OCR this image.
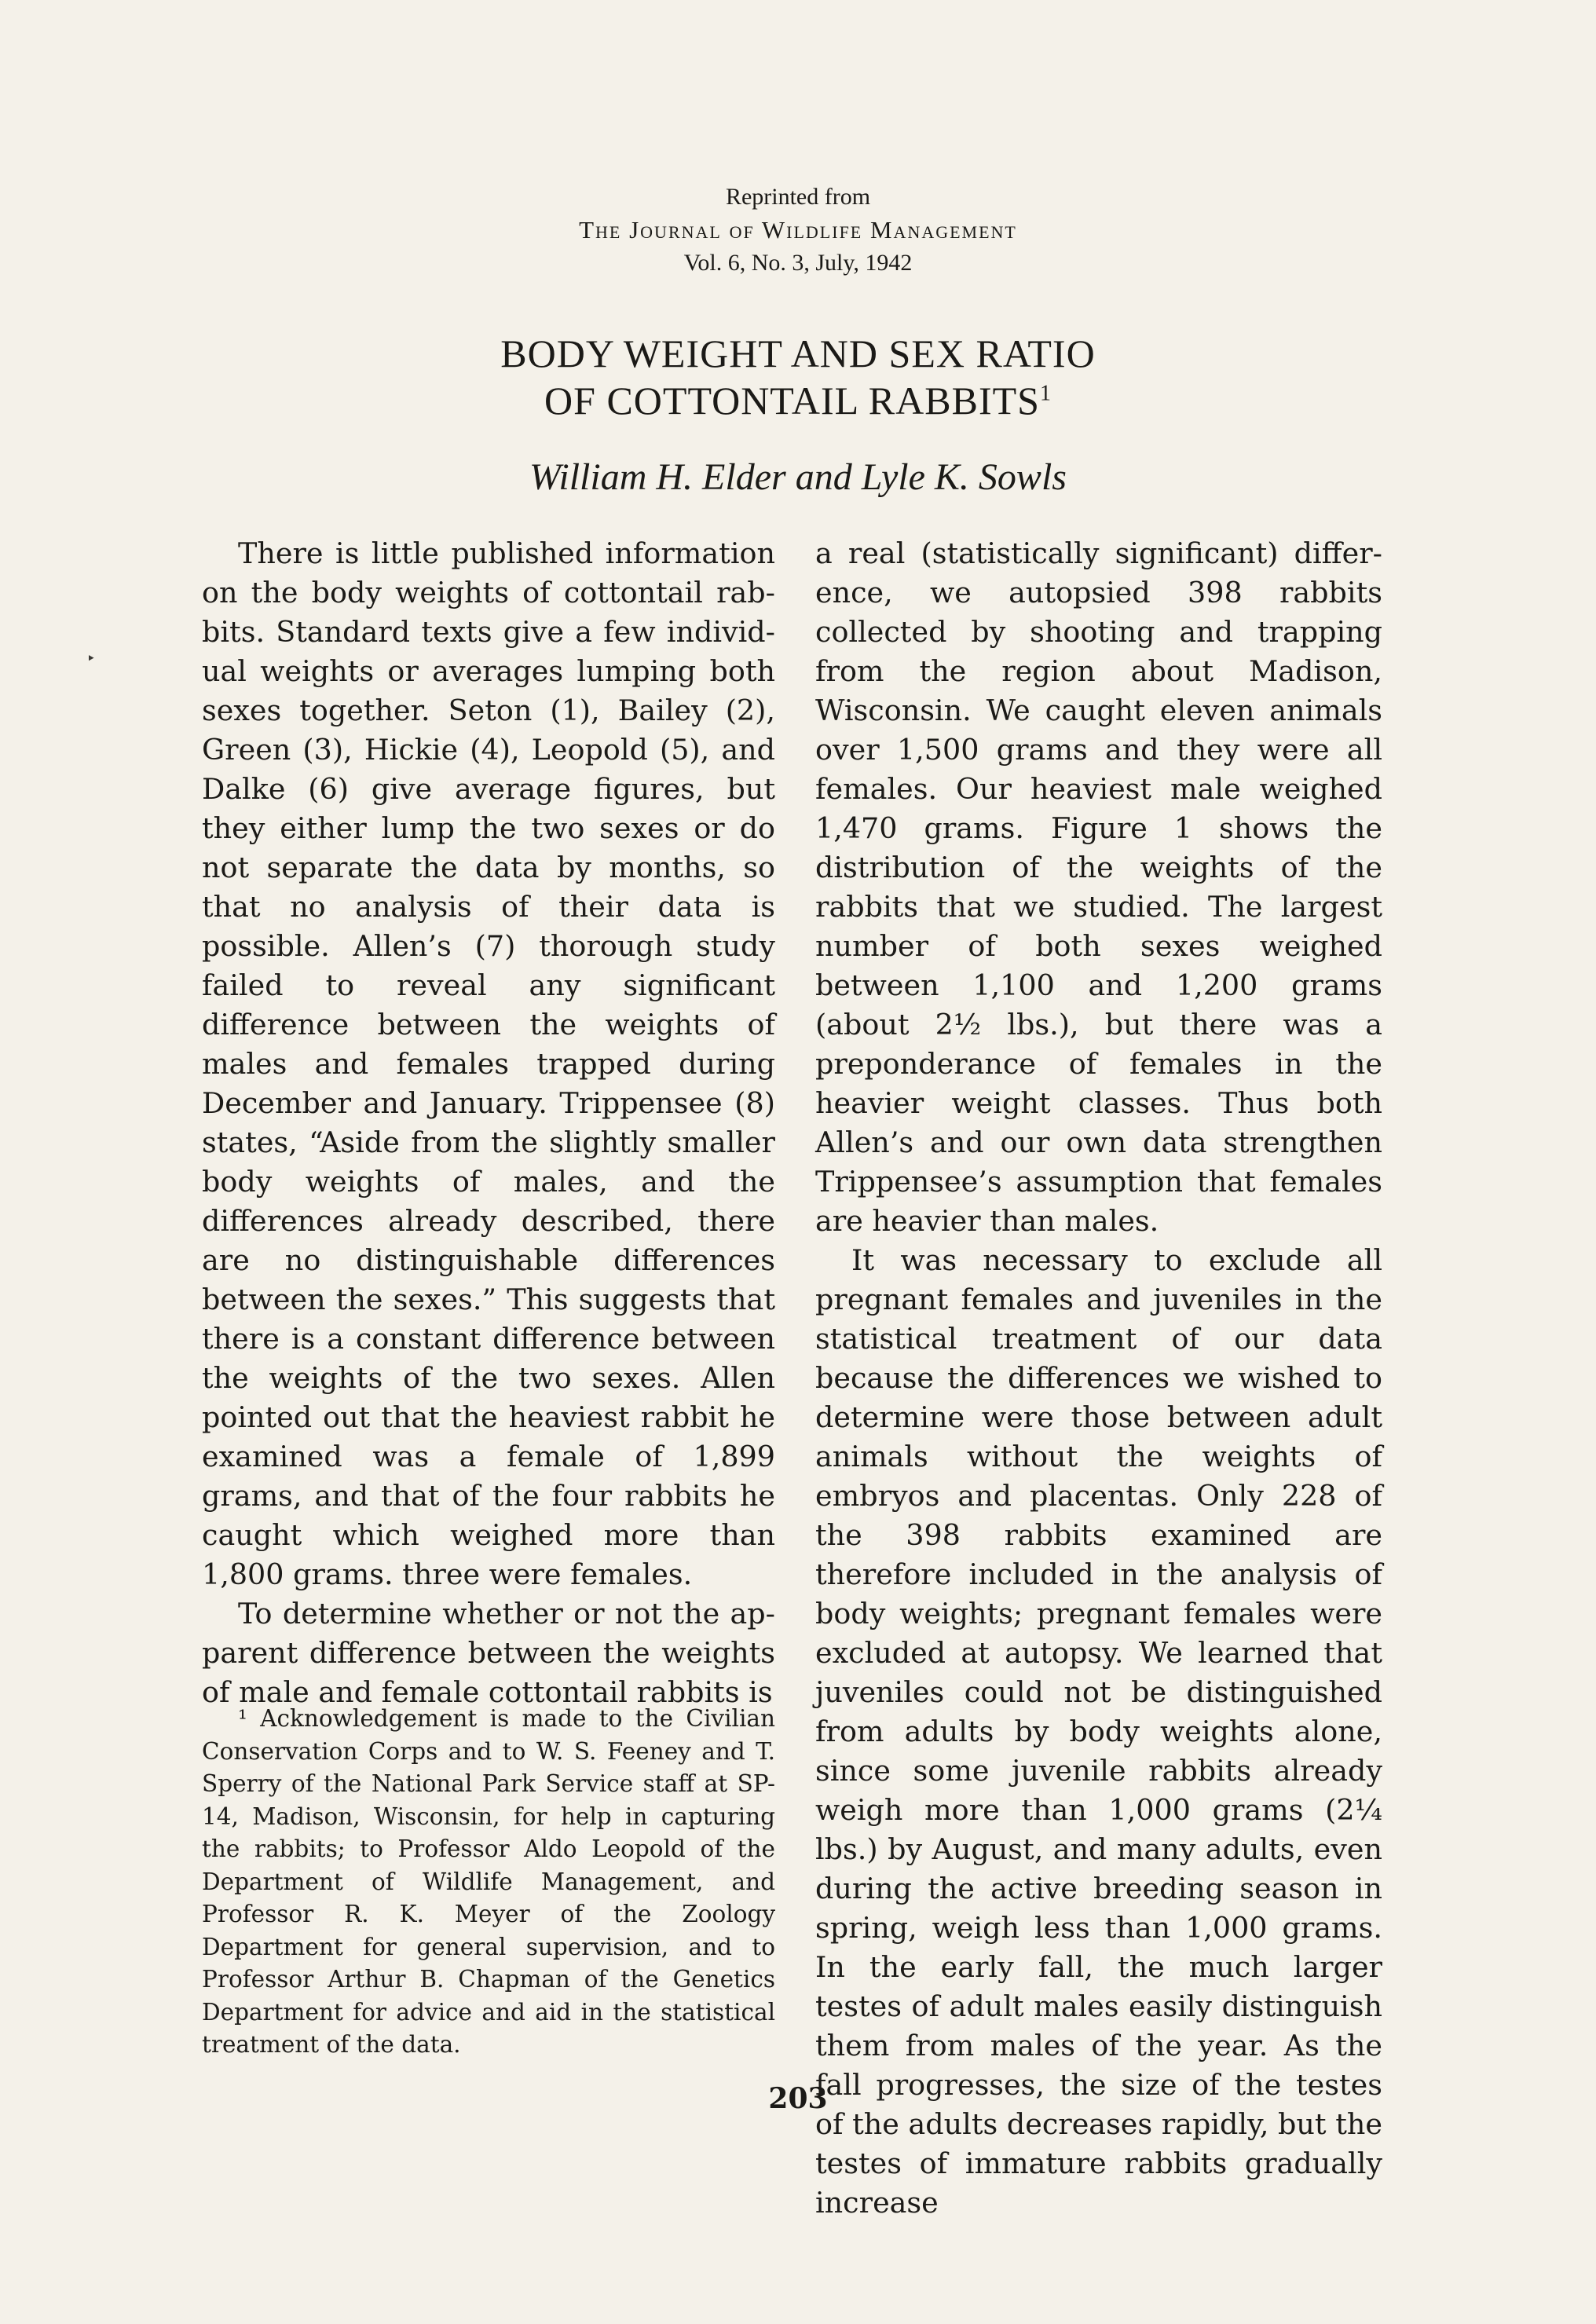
Reprinted from
The Journal of Wildlife Management
Vol. 6, No. 3, July, 1942
BODY WEIGHT AND SEX RATIO
OF COTTONTAIL RABBITS$^1$
William H. Elder and Lyle K. Sowls
‣

There is little published information on the body weights of cottontail rabbits. Standard texts give a few individual weights or averages lumping both sexes together. Seton (1), Bailey (2), Green (3), Hickie (4), Leopold (5), and Dalke (6) give average figures, but they either lump the two sexes or do not separate the data by months, so that no analysis of their data is possible. Allen’s (7) thorough study failed to reveal any significant difference between the weights of males and females trapped during December and January. Trippensee (8) states, “Aside from the slightly smaller body weights of males, and the differences already described, there are no distinguishable differences between the sexes.” This suggests that there is a constant difference between the weights of the two sexes. Allen pointed out that the heaviest rabbit he examined was a female of 1,899 grams, and that of the four rabbits he caught which weighed more than 1,800 grams. three were females.

To determine whether or not the apparent difference between the weights of male and female cottontail rabbits is

¹ Acknowledgement is made to the Civilian Conservation Corps and to W. S. Feeney and T. Sperry of the National Park Service staff at SP-14, Madison, Wisconsin, for help in capturing the rabbits; to Professor Aldo Leopold of the Department of Wildlife Management, and Professor R. K. Meyer of the Zoology Department for general supervision, and to Professor Arthur B. Chapman of the Genetics Department for advice and aid in the statistical treatment of the data.

a real (statistically significant) difference, we autopsied 398 rabbits collected by shooting and trapping from the region about Madison, Wisconsin. We caught eleven animals over 1,500 grams and they were all females. Our heaviest male weighed 1,470 grams. Figure 1 shows the distribution of the weights of the rabbits that we studied. The largest number of both sexes weighed between 1,100 and 1,200 grams (about 2½ lbs.), but there was a preponderance of females in the heavier weight classes. Thus both Allen’s and our own data strengthen Trippensee’s assumption that females are heavier than males.

It was necessary to exclude all pregnant females and juveniles in the statistical treatment of our data because the differences we wished to determine were those between adult animals without the weights of embryos and placentas. Only 228 of the 398 rabbits examined are therefore included in the analysis of body weights; pregnant females were excluded at autopsy. We learned that juveniles could not be distinguished from adults by body weights alone, since some juvenile rabbits already weigh more than 1,000 grams (2¼ lbs.) by August, and many adults, even during the active breeding season in spring, weigh less than 1,000 grams. In the early fall, the much larger testes of adult males easily distinguish them from males of the year. As the fall progresses, the size of the testes of the adults decreases rapidly, but the testes of immature rabbits gradually increase

203
